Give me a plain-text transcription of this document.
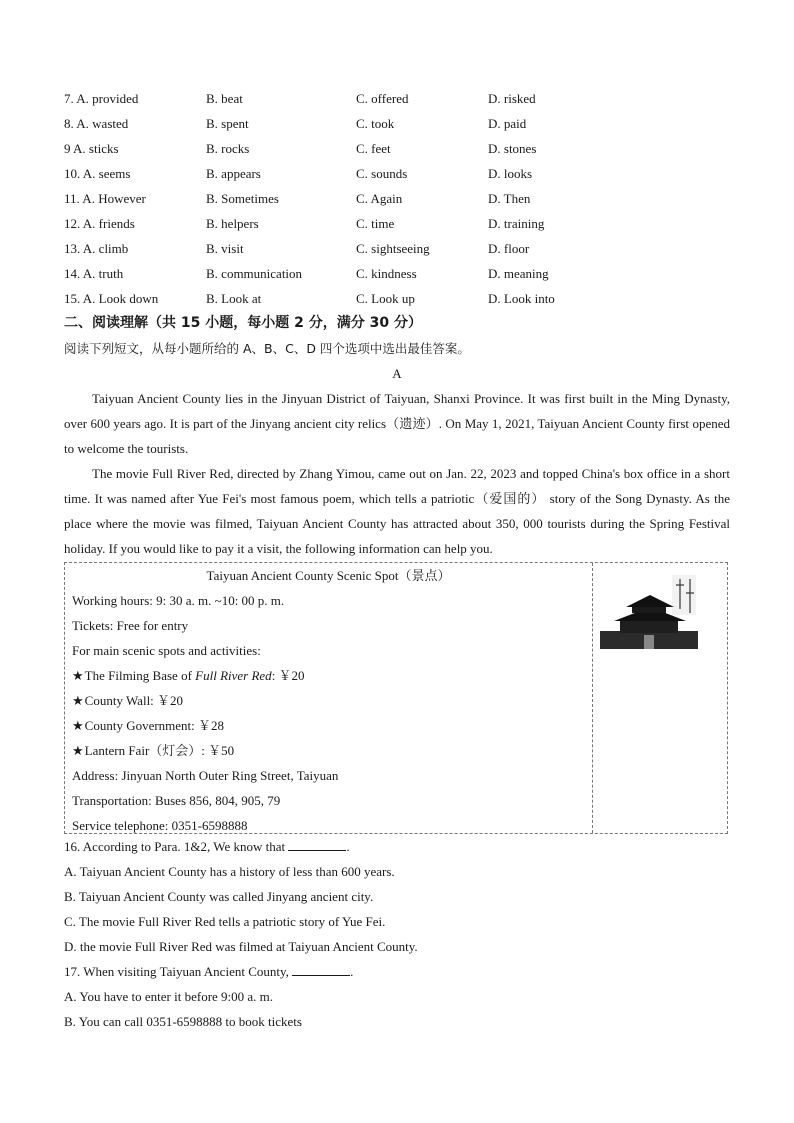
7. A. provided	B. beat	C. offered	D. risked
8. A. wasted	B. spent	C. took	D. paid
9 A. sticks	B. rocks	C. feet	D. stones
10. A. seems	B. appears	C. sounds	D. looks
11. A. However	B. Sometimes	C. Again	D. Then
12. A. friends	B. helpers	C. time	D. training
13. A. climb	B. visit	C. sightseeing	D. floor
14. A. truth	B. communication	C. kindness	D. meaning
15. A. Look down	B. Look at	C. Look up	D. Look into
二、阅读理解（共 15 小题，每小题 2 分，满分 30 分）
阅读下列短文，从每小题所给的 A、B、C、D 四个选项中选出最佳答案。
A

Taiyuan Ancient County lies in the Jinyuan District of Taiyuan, Shanxi Province. It was first built in the Ming Dynasty, over 600 years ago. It is part of the Jinyang ancient city relics（遗迹）. On May 1, 2021, Taiyuan Ancient County first opened to welcome the tourists.

The movie Full River Red, directed by Zhang Yimou, came out on Jan. 22, 2023 and topped China's box office in a short time. It was named after Yue Fei's most famous poem, which tells a patriotic（爱国的） story of the Song Dynasty. As the place where the movie was filmed, Taiyuan Ancient County has attracted about 350, 000 tourists during the Spring Festival holiday. If you would like to pay it a visit, the following information can help you.

Taiyuan Ancient County Scenic Spot（景点）
Working hours: 9: 30 a. m. ~10: 00 p. m.
Tickets: Free for entry
For main scenic spots and activities:
★The Filming Base of Full River Red: ￥20
★County Wall: ￥20
★County Government: ￥28
★Lantern Fair（灯会）: ￥50
Address: Jinyuan North Outer Ring Street, Taiyuan
Transportation: Buses 856, 804, 905, 79
Service telephone: 0351-6598888
16. According to Para. 1&2, We know that	.
A. Taiyuan Ancient County has a history of less than 600 years.
B. Taiyuan Ancient County was called Jinyang ancient city.
C. The movie Full River Red tells a patriotic story of Yue Fei.
D. the movie Full River Red was filmed at Taiyuan Ancient County.
17. When visiting Taiyuan Ancient County,	.
A. You have to enter it before 9:00 a. m.
B. You can call 0351-6598888 to book tickets
